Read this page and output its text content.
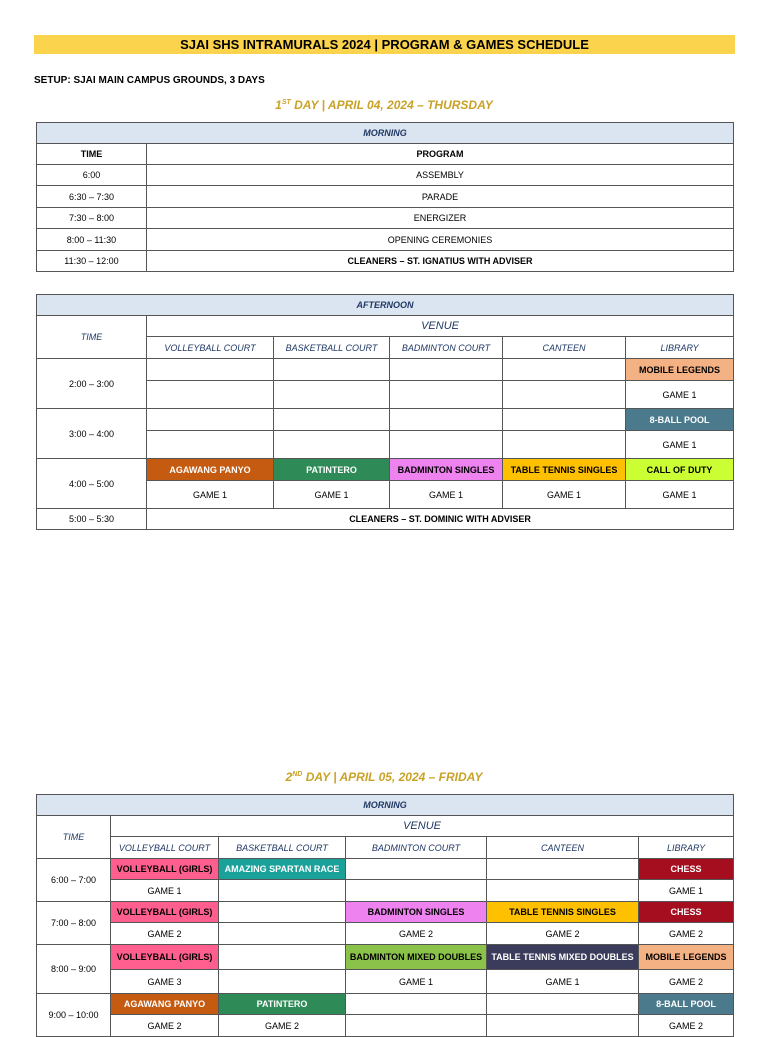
SJAI SHS INTRAMURALS 2024 | PROGRAM & GAMES SCHEDULE
SETUP: SJAI MAIN CAMPUS GROUNDS, 3 DAYS
1ST DAY | APRIL 04, 2024 – THURSDAY
MORNING	
TIME	PROGRAM
6:00	ASSEMBLY
6:30 – 7:30	PARADE
7:30 – 8:00	ENERGIZER
8:00 – 11:30	OPENING CEREMONIES
11:30 – 12:00	CLEANERS – ST. IGNATIUS WITH ADVISER
AFTERNOON					
TIME	VENUE				
	VOLLEYBALL COURT	BASKETBALL COURT	BADMINTON COURT	CANTEEN	LIBRARY
2:00 – 3:00					MOBILE LEGENDS
					GAME 1
3:00 – 4:00					8-BALL POOL
					GAME 1
4:00 – 5:00	AGAWANG PANYO	PATINTERO	BADMINTON SINGLES	TABLE TENNIS SINGLES	CALL OF DUTY
	GAME 1	GAME 1	GAME 1	GAME 1	GAME 1
5:00 – 5:30	CLEANERS – ST. DOMINIC WITH ADVISER				
2ND DAY | APRIL 05, 2024 – FRIDAY
MORNING					
TIME	VENUE				
	VOLLEYBALL COURT	BASKETBALL COURT	BADMINTON COURT	CANTEEN	LIBRARY
6:00 – 7:00	VOLLEYBALL (GIRLS)	AMAZING SPARTAN RACE			CHESS
	GAME 1				GAME 1
7:00 – 8:00	VOLLEYBALL (GIRLS)		BADMINTON SINGLES	TABLE TENNIS SINGLES	CHESS
	GAME 2		GAME 2	GAME 2	GAME 2
8:00 – 9:00	VOLLEYBALL (GIRLS)		BADMINTON MIXED DOUBLES	TABLE TENNIS MIXED DOUBLES	MOBILE LEGENDS
	GAME 3		GAME 1	GAME 1	GAME 2
9:00 – 10:00	AGAWANG PANYO	PATINTERO			8-BALL POOL
	GAME 2	GAME 2			GAME 2
